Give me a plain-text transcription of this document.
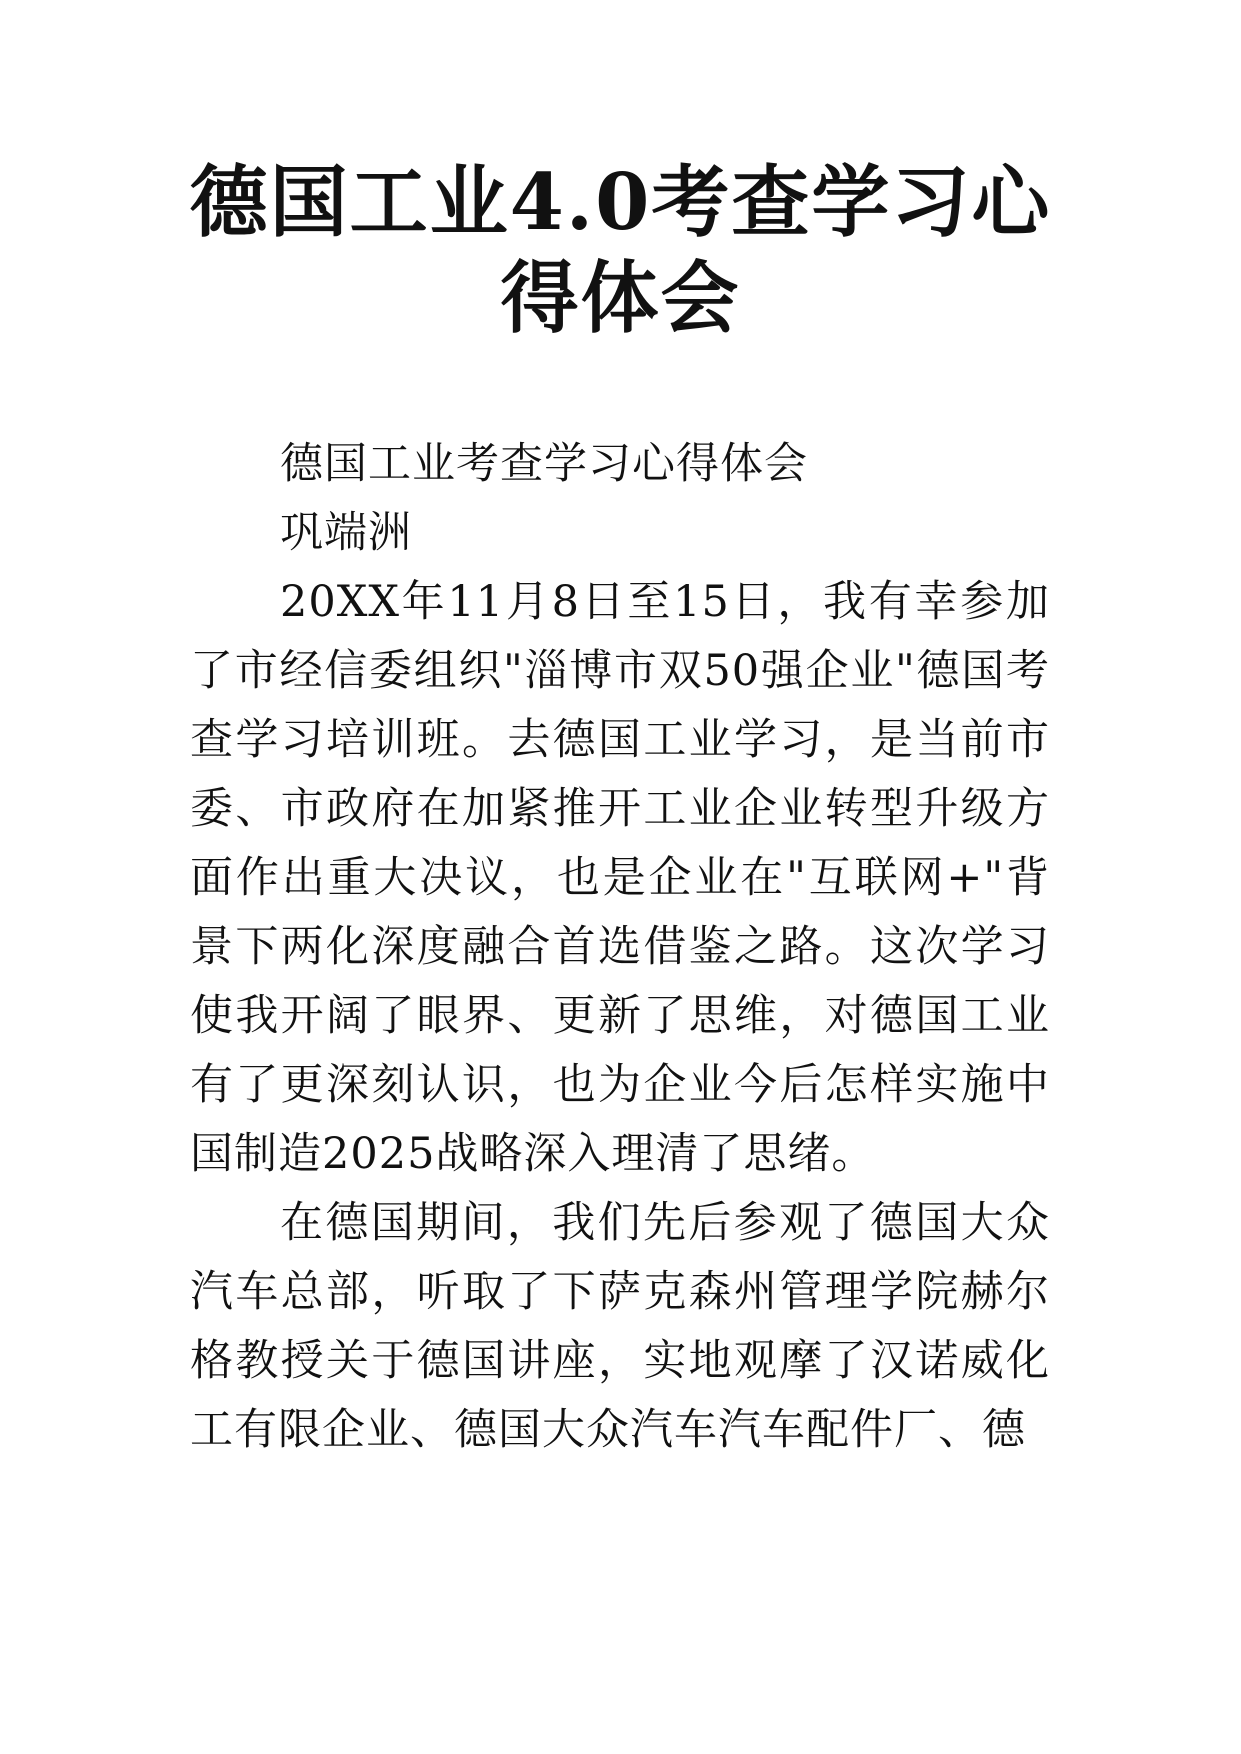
德国工业4.0考查学习心
得体会

德国工业考查学习心得体会

巩端洲

20XX年11月8日至15日，我有幸参加了市经信委组织"淄博市双50强企业"德国考查学习培训班。去德国工业学习，是当前市委、市政府在加紧推开工业企业转型升级方面作出重大决议，也是企业在"互联网+"背景下两化深度融合首选借鉴之路。这次学习使我开阔了眼界、更新了思维，对德国工业有了更深刻认识，也为企业今后怎样实施中国制造2025战略深入理清了思绪。

在德国期间，我们先后参观了德国大众汽车总部，听取了下萨克森州管理学院赫尔格教授关于德国讲座，实地观摩了汉诺威化工有限企业、德国大众汽车汽车配件厂、德
